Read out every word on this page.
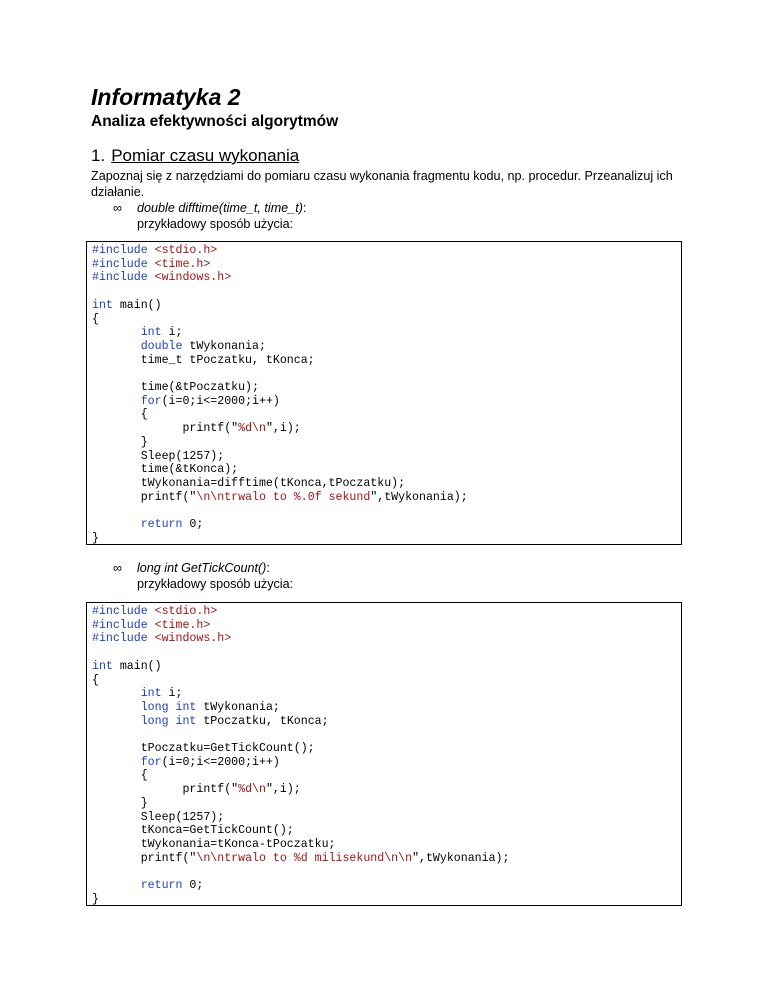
Informatyka 2
Analiza efektywności algorytmów
1. Pomiar czasu wykonania

Zapoznaj się z narzędziami do pomiaru czasu wykonania fragmentu kodu, np. procedur. Przeanalizuj ich działanie.

∞ double difftime(time_t, time_t):
przykładowy sposób użycia:
#include <stdio.h>
#include <time.h>
#include <windows.h>

int main()
{
int i;
double tWykonania;
time_t tPoczatku, tKonca;

time(&tPoczatku);
for(i=0;i<=2000;i++)
{
printf("%d\n",i);
}
Sleep(1257);
time(&tKonca);
tWykonania=difftime(tKonca,tPoczatku);
printf("\n\ntrwalo to %.0f sekund",tWykonania);

return 0;
}
∞ long int GetTickCount():
przykładowy sposób użycia:
#include <stdio.h>
#include <time.h>
#include <windows.h>

int main()
{
int i;
long int tWykonania;
long int tPoczatku, tKonca;

tPoczatku=GetTickCount();
for(i=0;i<=2000;i++)
{
printf("%d\n",i);
}
Sleep(1257);
tKonca=GetTickCount();
tWykonania=tKonca-tPoczatku;
printf("\n\ntrwalo to %d milisekund\n\n",tWykonania);

return 0;
}
